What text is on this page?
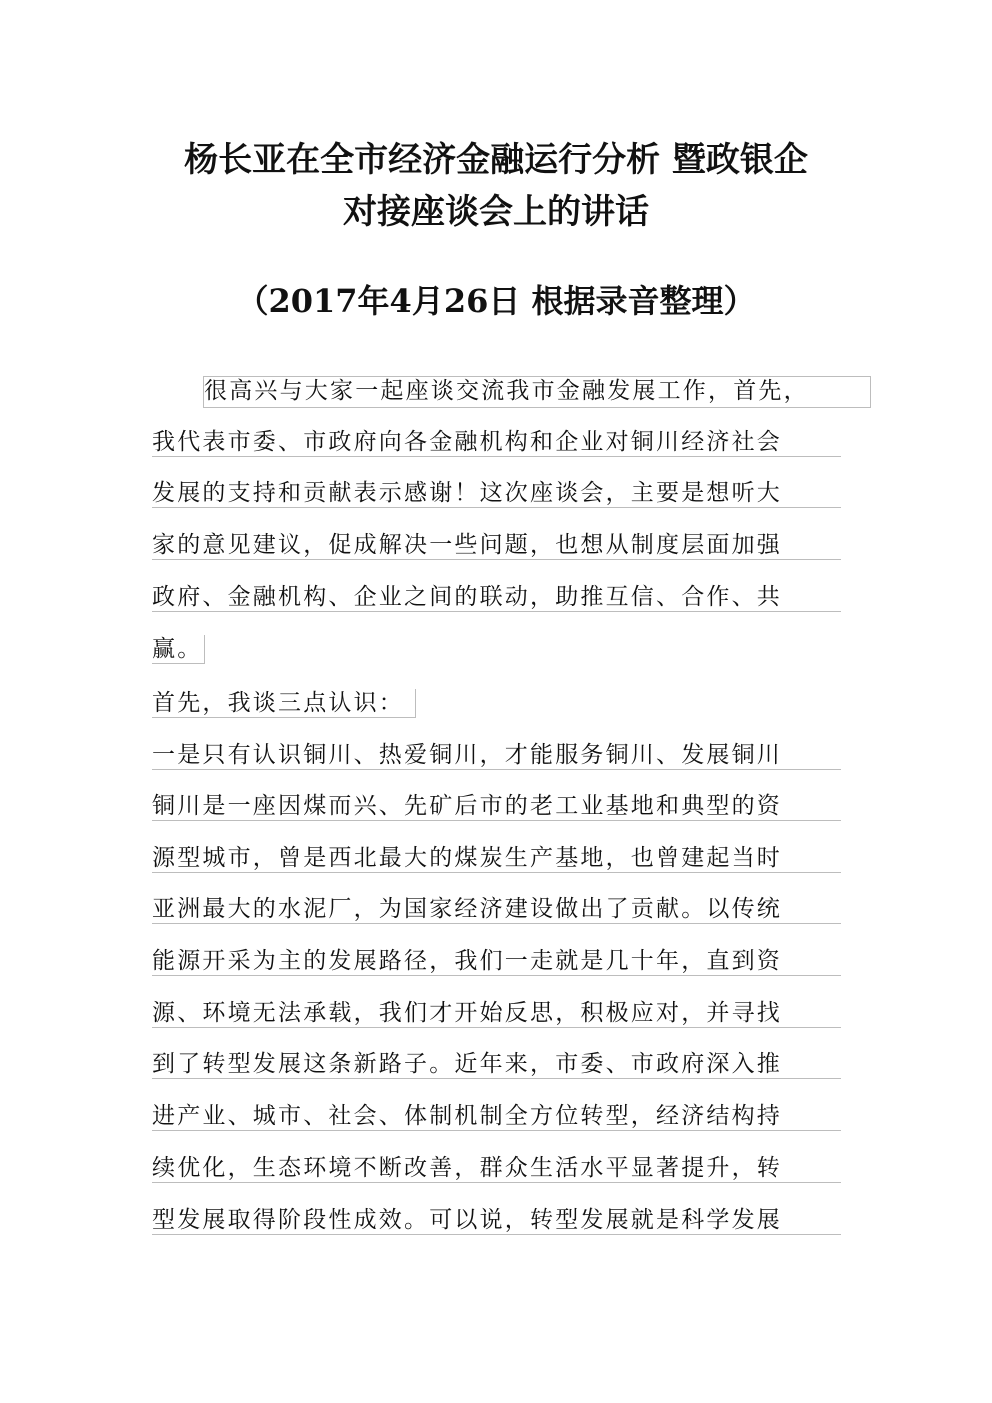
杨长亚在全市经济金融运行分析 暨政银企
对接座谈会上的讲话
（2017年4月26日 根据录音整理）
很高兴与大家一起座谈交流我市金融发展工作，首先，
我代表市委、市政府向各金融机构和企业对铜川经济社会
发展的支持和贡献表示感谢！这次座谈会，主要是想听大
家的意见建议，促成解决一些问题，也想从制度层面加强
政府、金融机构、企业之间的联动，助推互信、合作、共
赢。
首先，我谈三点认识：
一是只有认识铜川、热爱铜川，才能服务铜川、发展铜川
铜川是一座因煤而兴、先矿后市的老工业基地和典型的资
源型城市，曾是西北最大的煤炭生产基地，也曾建起当时
亚洲最大的水泥厂，为国家经济建设做出了贡献。以传统
能源开采为主的发展路径，我们一走就是几十年，直到资
源、环境无法承载，我们才开始反思，积极应对，并寻找
到了转型发展这条新路子。近年来，市委、市政府深入推
进产业、城市、社会、体制机制全方位转型，经济结构持
续优化，生态环境不断改善，群众生活水平显著提升，转
型发展取得阶段性成效。可以说，转型发展就是科学发展
